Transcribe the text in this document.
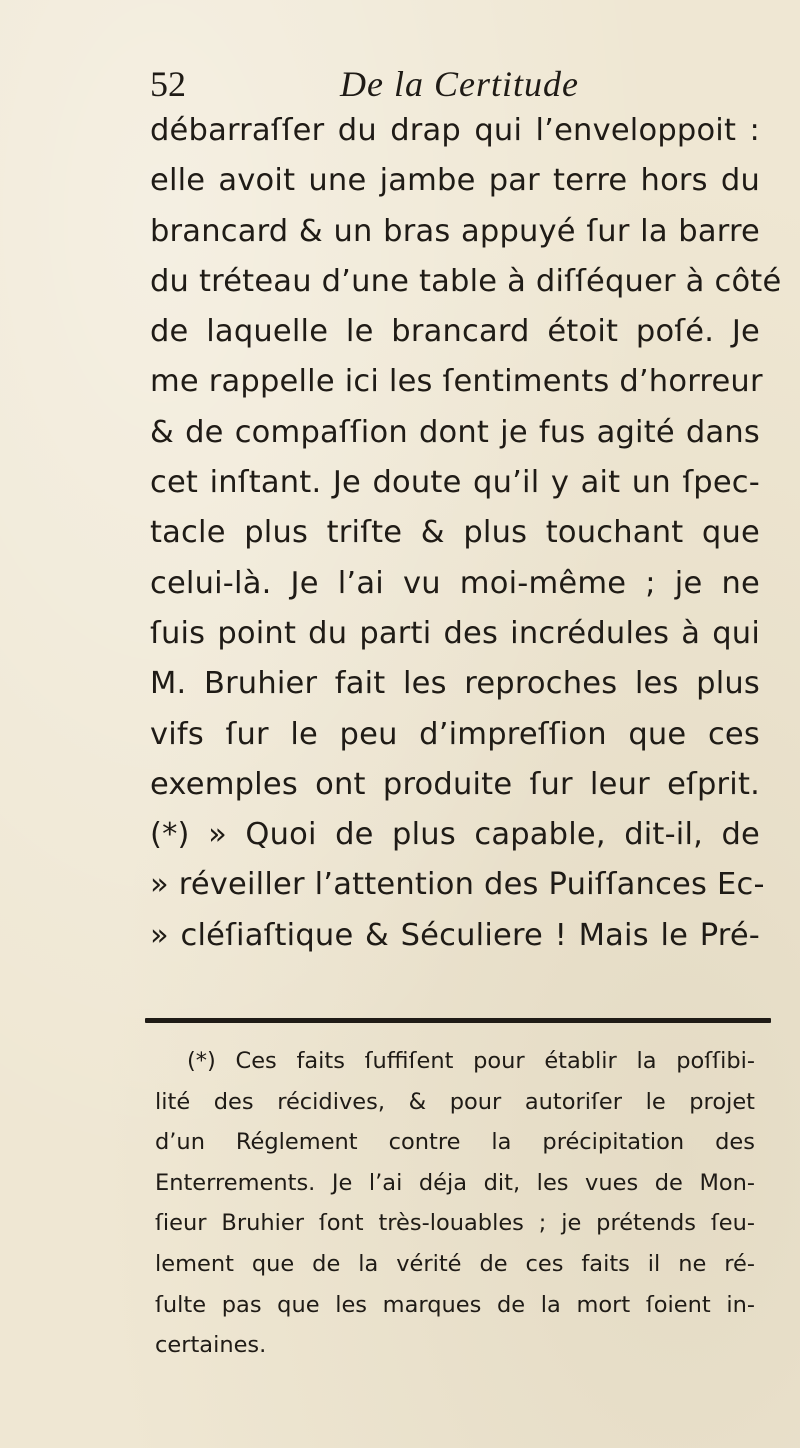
52	De la Certitude
débarraſſer du drap qui l’enveloppoit :
elle avoit une jambe par terre hors du
brancard & un bras appuyé ſur la barre
du tréteau d’une table à diſſéquer à côté
de laquelle le brancard étoit poſé. Je
me rappelle ici les ſentiments d’horreur
& de compaſſion dont je fus agité dans
cet inſtant. Je doute qu’il y ait un ſpec-
tacle plus triſte & plus touchant que
celui-là. Je l’ai vu moi-même ; je ne
ſuis point du parti des incrédules à qui
M. Bruhier fait les reproches les plus
vifs ſur le peu d’impreſſion que ces
exemples ont produite ſur leur eſprit.
(*) » Quoi de plus capable, dit-il, de
» réveiller l’attention des Puiſſances Ec-
» cléſiaſtique & Séculiere ! Mais le Pré-
(*) Ces faits ſuffiſent pour établir la poſſibi-
lité des récidives, & pour autoriſer le projet
d’un Réglement contre la précipitation des
Enterrements. Je l’ai déja dit, les vues de Mon-
ſieur Bruhier ſont très-louables ; je prétends ſeu-
lement que de la vérité de ces faits il ne ré-
ſulte pas que les marques de la mort ſoient in-
certaines.
